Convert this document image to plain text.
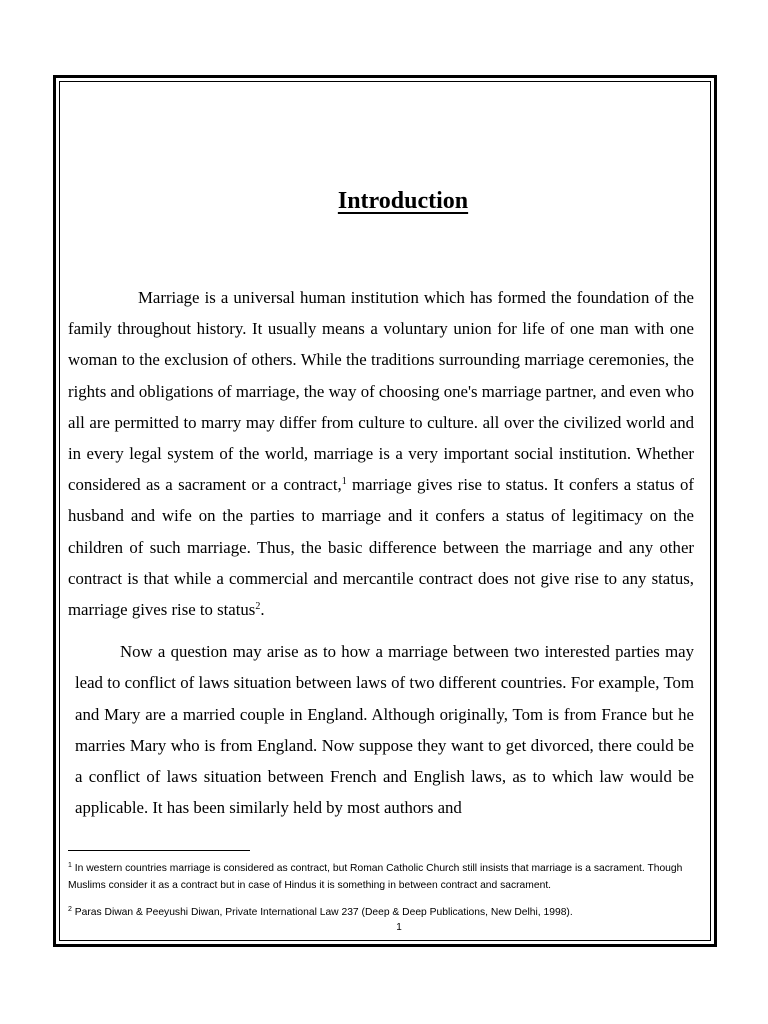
Introduction

Marriage is a universal human institution which has formed the foundation of the family throughout history. It usually means a voluntary union for life of one man with one woman to the exclusion of others. While the traditions surrounding marriage ceremonies, the rights and obligations of marriage, the way of choosing one's marriage partner, and even who all are permitted to marry may differ from culture to culture. all over the civilized world and in every legal system of the world, marriage is a very important social institution. Whether considered as a sacrament or a contract,$^1$ marriage gives rise to status. It confers a status of husband and wife on the parties to marriage and it confers a status of legitimacy on the children of such marriage. Thus, the basic difference between the marriage and any other contract is that while a commercial and mercantile contract does not give rise to any status, marriage gives rise to status$^2$.

Now a question may arise as to how a marriage between two interested parties may lead to conflict of laws situation between laws of two different countries. For example, Tom and Mary are a married couple in England. Although originally, Tom is from France but he marries Mary who is from England. Now suppose they want to get divorced, there could be a conflict of laws situation between French and English laws, as to which law would be applicable. It has been similarly held by most authors and

$^1$ In western countries marriage is considered as contract, but Roman Catholic Church still insists that marriage is a sacrament. Though Muslims consider it as a contract but in case of Hindus it is something in between contract and sacrament.

$^2$ Paras Diwan & Peeyushi Diwan, Private International Law 237 (Deep & Deep Publications, New Delhi, 1998).

1
